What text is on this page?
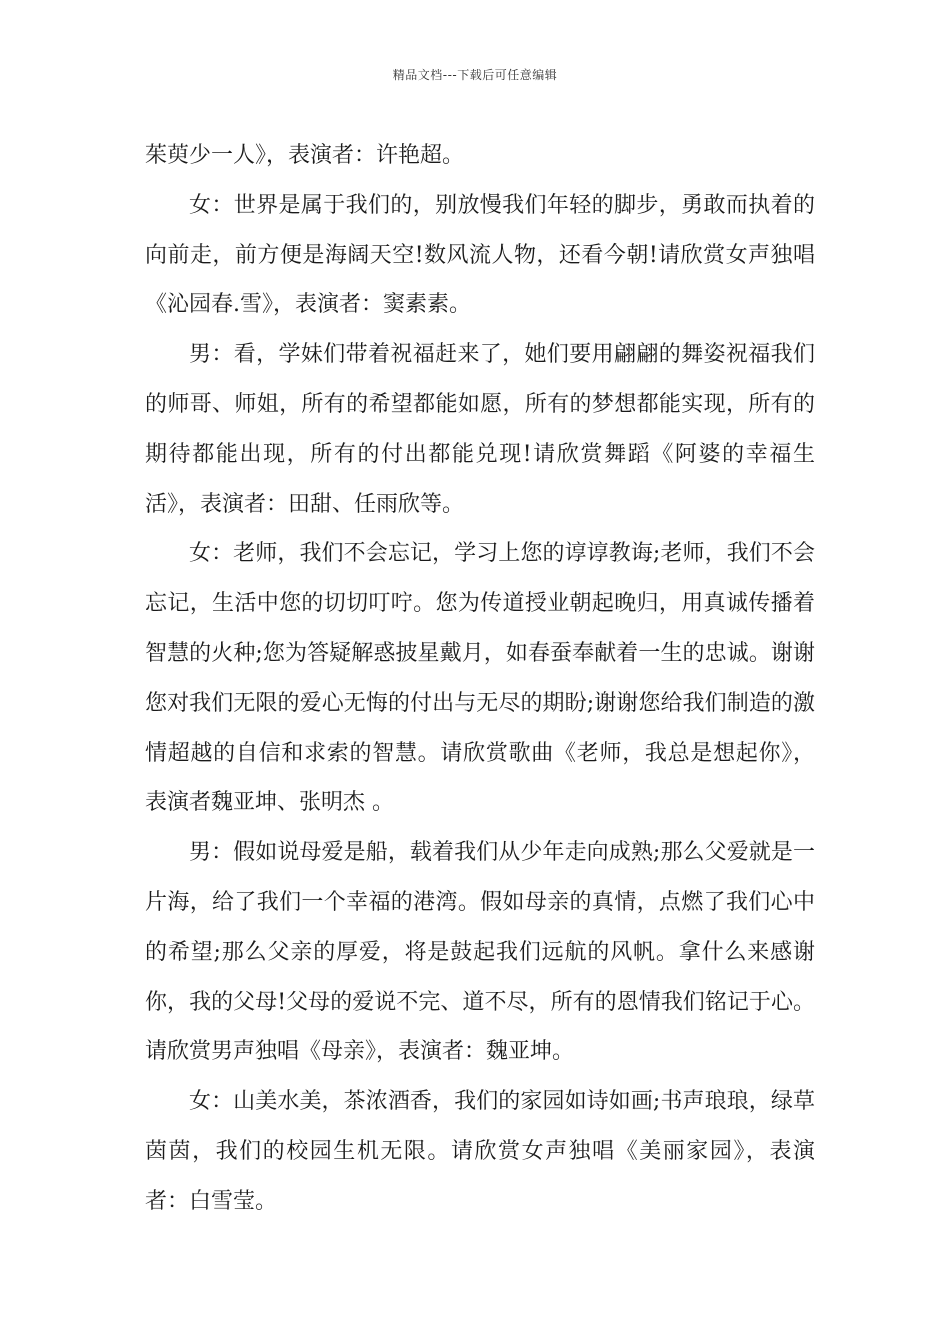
精品文档---下载后可任意编辑

茱萸少一人》，表演者：许艳超。

女：世界是属于我们的，别放慢我们年轻的脚步，勇敢而执着的向前走，前方便是海阔天空!数风流人物，还看今朝!请欣赏女声独唱《沁园春.雪》，表演者：窦素素。

男：看，学妹们带着祝福赶来了，她们要用翩翩的舞姿祝福我们的师哥、师姐，所有的希望都能如愿，所有的梦想都能实现，所有的期待都能出现，所有的付出都能兑现!请欣赏舞蹈《阿婆的幸福生活》，表演者：田甜、任雨欣等。

女：老师，我们不会忘记，学习上您的谆谆教诲;老师，我们不会忘记，生活中您的切切叮咛。您为传道授业朝起晚归，用真诚传播着智慧的火种;您为答疑解惑披星戴月，如春蚕奉献着一生的忠诚。谢谢您对我们无限的爱心无悔的付出与无尽的期盼;谢谢您给我们制造的激情超越的自信和求索的智慧。请欣赏歌曲《老师，我总是想起你》，表演者魏亚坤、张明杰 。

男：假如说母爱是船，载着我们从少年走向成熟;那么父爱就是一片海，给了我们一个幸福的港湾。假如母亲的真情，点燃了我们心中的希望;那么父亲的厚爱，将是鼓起我们远航的风帆。拿什么来感谢你，我的父母!父母的爱说不完、道不尽，所有的恩情我们铭记于心。请欣赏男声独唱《母亲》，表演者：魏亚坤。

女：山美水美，茶浓酒香，我们的家园如诗如画;书声琅琅，绿草茵茵，我们的校园生机无限。请欣赏女声独唱《美丽家园》，表演者：白雪莹。
